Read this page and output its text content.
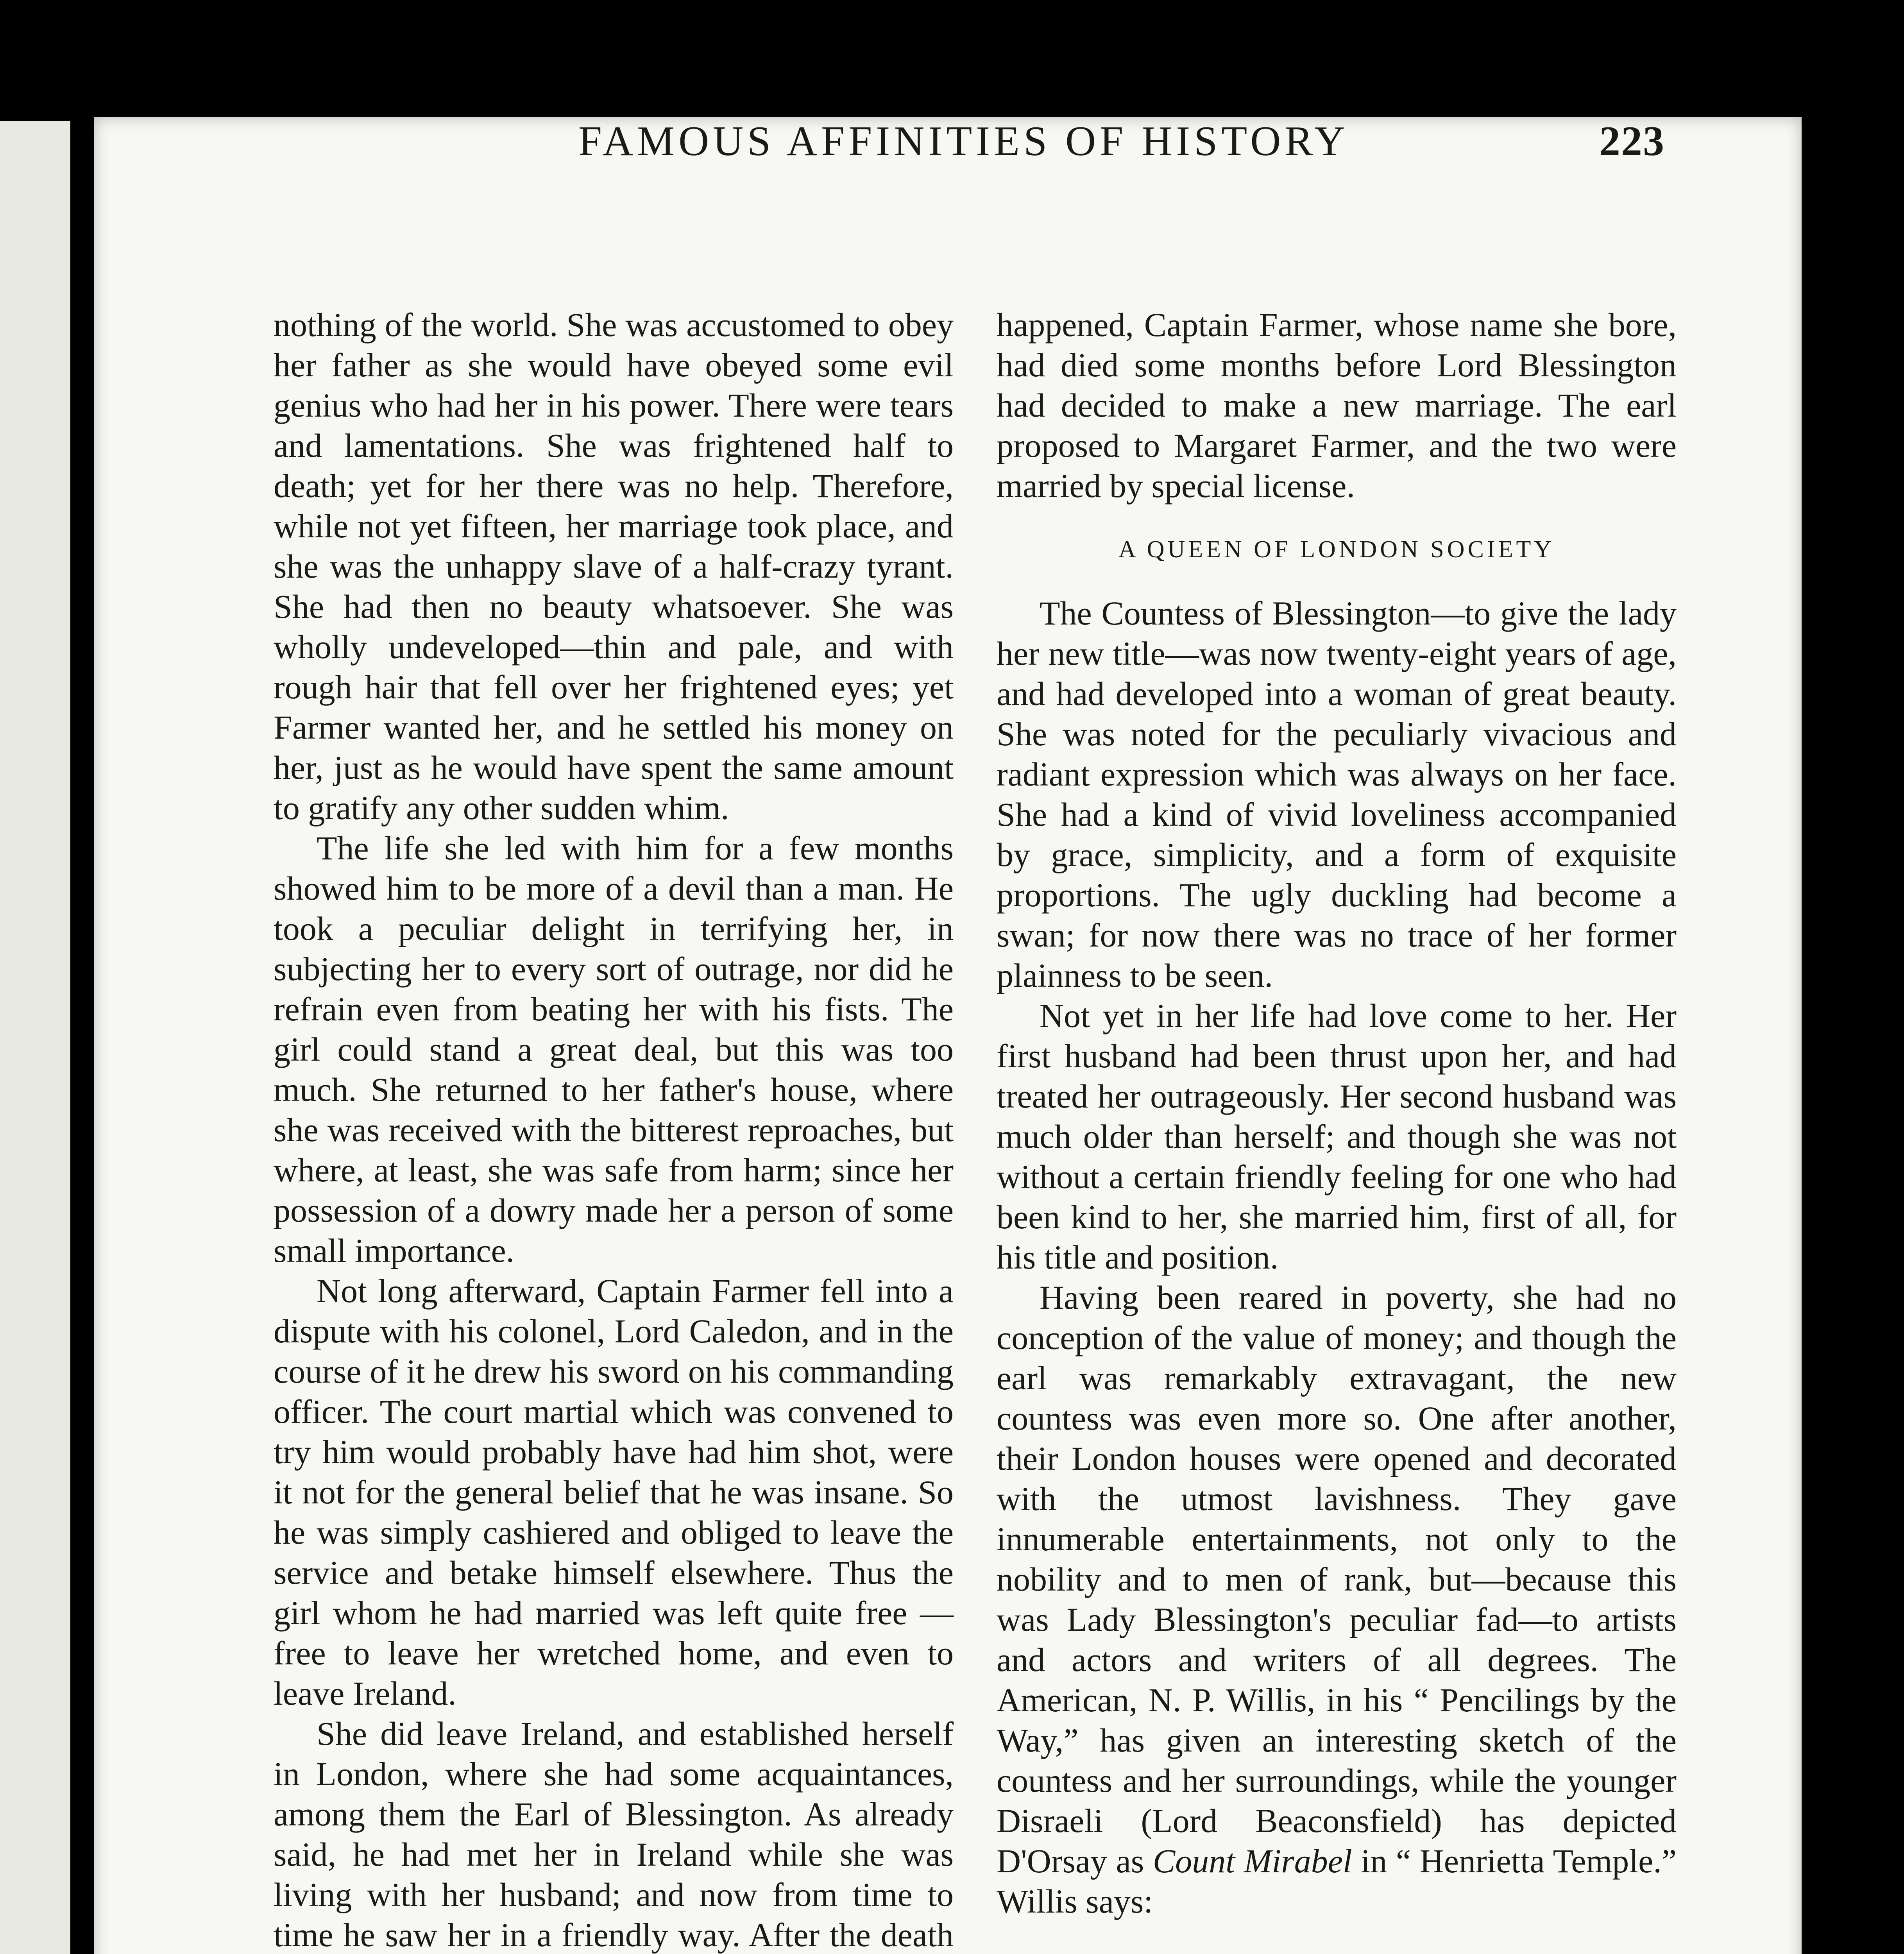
FAMOUS AFFINITIES OF HISTORY	223

nothing of the world. She was accustomed to obey her father as she would have obeyed some evil genius who had her in his power. There were tears and lamentations. She was frightened half to death; yet for her there was no help. Therefore, while not yet fifteen, her marriage took place, and she was the unhappy slave of a half-crazy tyrant. She had then no beauty whatsoever. She was wholly undeveloped—thin and pale, and with rough hair that fell over her frightened eyes; yet Farmer wanted her, and he settled his money on her, just as he would have spent the same amount to gratify any other sudden whim.

The life she led with him for a few months showed him to be more of a devil than a man. He took a peculiar delight in terrifying her, in subjecting her to every sort of outrage, nor did he refrain even from beating her with his fists. The girl could stand a great deal, but this was too much. She returned to her father's house, where she was received with the bitterest reproaches, but where, at least, she was safe from harm; since her possession of a dowry made her a person of some small importance.

Not long afterward, Captain Farmer fell into a dispute with his colonel, Lord Caledon, and in the course of it he drew his sword on his commanding officer. The court martial which was convened to try him would probably have had him shot, were it not for the general belief that he was insane. So he was simply cashiered and obliged to leave the service and betake himself elsewhere. Thus the girl whom he had married was left quite free —free to leave her wretched home, and even to leave Ireland.

She did leave Ireland, and established herself in London, where she had some acquaintances, among them the Earl of Blessington. As already said, he had met her in Ireland while she was living with her husband; and now from time to time he saw her in a friendly way. After the death

happened, Captain Farmer, whose name she bore, had died some months before Lord Blessington had decided to make a new marriage. The earl proposed to Margaret Farmer, and the two were married by special license.

A QUEEN OF LONDON SOCIETY

The Countess of Blessington—to give the lady her new title—was now twenty-eight years of age, and had developed into a woman of great beauty. She was noted for the peculiarly vivacious and radiant expression which was always on her face. She had a kind of vivid loveliness accompanied by grace, simplicity, and a form of exquisite proportions. The ugly duckling had become a swan; for now there was no trace of her former plainness to be seen.

Not yet in her life had love come to her. Her first husband had been thrust upon her, and had treated her outrageously. Her second husband was much older than herself; and though she was not without a certain friendly feeling for one who had been kind to her, she married him, first of all, for his title and position.

Having been reared in poverty, she had no conception of the value of money; and though the earl was remarkably extravagant, the new countess was even more so. One after another, their London houses were opened and decorated with the utmost lavishness. They gave innumerable entertainments, not only to the nobility and to men of rank, but—because this was Lady Blessington's peculiar fad—to artists and actors and writers of all degrees. The American, N. P. Willis, in his “ Pencilings by the Way,” has given an interesting sketch of the countess and her surroundings, while the younger Disraeli (Lord Beaconsfield) has depicted D'Orsay as Count Mirabel in “ Henrietta Temple.” Willis says:
